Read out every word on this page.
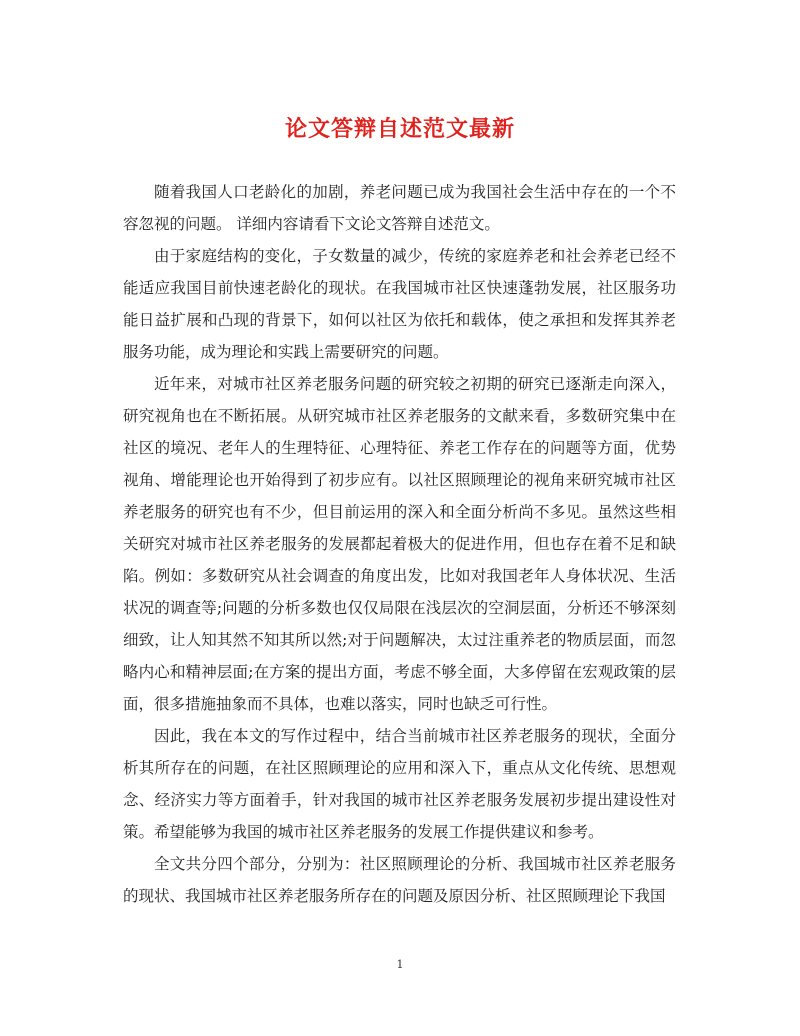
论文答辩自述范文最新

随着我国人口老龄化的加剧，养老问题已成为我国社会生活中存在的一个不容忽视的问题。 详细内容请看下文论文答辩自述范文。

由于家庭结构的变化，子女数量的减少，传统的家庭养老和社会养老已经不能适应我国目前快速老龄化的现状。在我国城市社区快速蓬勃发展，社区服务功能日益扩展和凸现的背景下，如何以社区为依托和载体，使之承担和发挥其养老服务功能，成为理论和实践上需要研究的问题。

近年来，对城市社区养老服务问题的研究较之初期的研究已逐渐走向深入，研究视角也在不断拓展。从研究城市社区养老服务的文献来看，多数研究集中在社区的境况、老年人的生理特征、心理特征、养老工作存在的问题等方面，优势视角、增能理论也开始得到了初步应有。以社区照顾理论的视角来研究城市社区养老服务的研究也有不少，但目前运用的深入和全面分析尚不多见。虽然这些相关研究对城市社区养老服务的发展都起着极大的促进作用，但也存在着不足和缺陷。例如：多数研究从社会调查的角度出发，比如对我国老年人身体状况、生活状况的调查等;问题的分析多数也仅仅局限在浅层次的空洞层面，分析还不够深刻细致，让人知其然不知其所以然;对于问题解决，太过注重养老的物质层面，而忽略内心和精神层面;在方案的提出方面，考虑不够全面，大多停留在宏观政策的层面，很多措施抽象而不具体，也难以落实，同时也缺乏可行性。

因此，我在本文的写作过程中，结合当前城市社区养老服务的现状，全面分析其所存在的问题，在社区照顾理论的应用和深入下，重点从文化传统、思想观念、经济实力等方面着手，针对我国的城市社区养老服务发展初步提出建设性对策。希望能够为我国的城市社区养老服务的发展工作提供建议和参考。

全文共分四个部分，分别为：社区照顾理论的分析、我国城市社区养老服务的现状、我国城市社区养老服务所存在的问题及原因分析、社区照顾理论下我国

1
